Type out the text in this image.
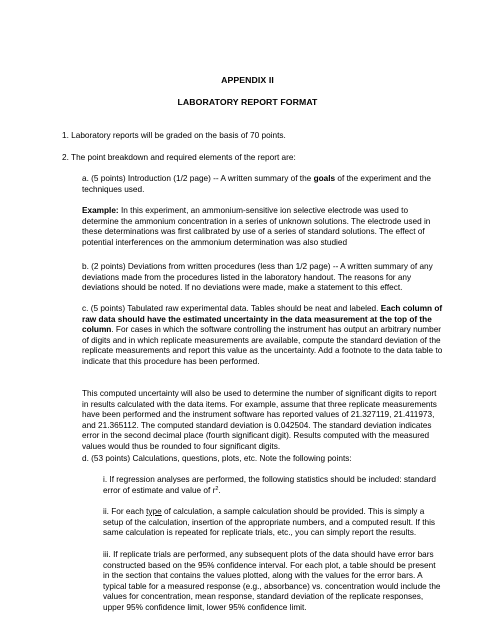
APPENDIX II
LABORATORY REPORT FORMAT

1. Laboratory reports will be graded on the basis of 70 points.

2. The point breakdown and required elements of the report are:

a. (5 points) Introduction (1/2 page) -- A written summary of the goals of the experiment and the techniques used.

Example: In this experiment, an ammonium-sensitive ion selective electrode was used to determine the ammonium concentration in a series of unknown solutions. The electrode used in these determinations was first calibrated by use of a series of standard solutions. The effect of potential interferences on the ammonium determination was also studied

b. (2 points) Deviations from written procedures (less than 1/2 page) -- A written summary of any deviations made from the procedures listed in the laboratory handout. The reasons for any deviations should be noted. If no deviations were made, make a statement to this effect.

c. (5 points) Tabulated raw experimental data. Tables should be neat and labeled. Each column of raw data should have the estimated uncertainty in the data measurement at the top of the column. For cases in which the software controlling the instrument has output an arbitrary number of digits and in which replicate measurements are available, compute the standard deviation of the replicate measurements and report this value as the uncertainty. Add a footnote to the data table to indicate that this procedure has been performed.

This computed uncertainty will also be used to determine the number of significant digits to report in results calculated with the data items. For example, assume that three replicate measurements have been performed and the instrument software has reported values of 21.327119, 21.411973, and 21.365112. The computed standard deviation is 0.042504. The standard deviation indicates error in the second decimal place (fourth significant digit). Results computed with the measured values would thus be rounded to four significant digits.

d. (53 points) Calculations, questions, plots, etc. Note the following points:

i. If regression analyses are performed, the following statistics should be included: standard error of estimate and value of $r^2$.

ii. For each type of calculation, a sample calculation should be provided. This is simply a setup of the calculation, insertion of the appropriate numbers, and a computed result. If this same calculation is repeated for replicate trials, etc., you can simply report the results.

iii. If replicate trials are performed, any subsequent plots of the data should have error bars constructed based on the 95% confidence interval. For each plot, a table should be present in the section that contains the values plotted, along with the values for the error bars. A typical table for a measured response (e.g., absorbance) vs. concentration would include the values for concentration, mean response, standard deviation of the replicate responses, upper 95% confidence limit, lower 95% confidence limit.
